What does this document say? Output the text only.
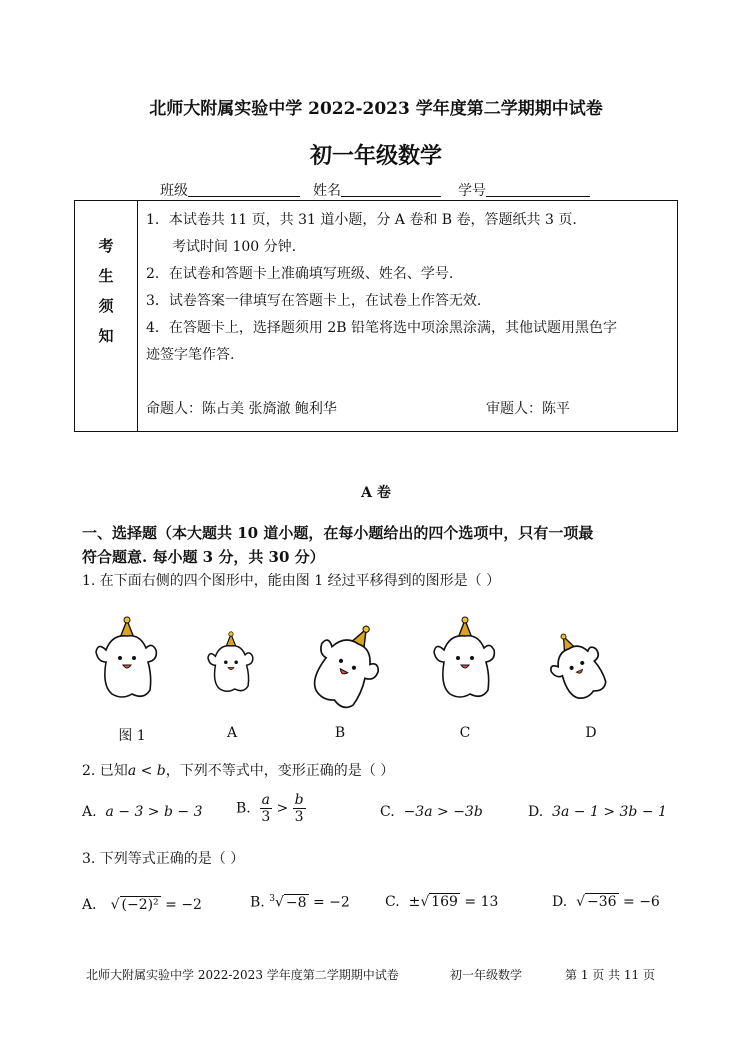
北师大附属实验中学 2022-2023 学年度第二学期期中试卷
初一年级数学
班级	姓名	学号
考
生
须
知

1．本试卷共 11 页，共 31 道小题，分 A 卷和 B 卷，答题纸共 3 页.
考试时间 100 分钟.
2．在试卷和答题卡上准确填写班级、姓名、学号.
3．试卷答案一律填写在答题卡上，在试卷上作答无效.
4．在答题卡上，选择题须用 2B 铅笔将选中项涂黑涂满，其他试题用黑色字
迹签字笔作答.
命题人：陈占美 张旖澈 鲍利华	审题人：陈平
A 卷
一、选择题（本大题共 10 道小题，在每小题给出的四个选项中，只有一项最
符合题意. 每小题 3 分，共 30 分）
1. 在下面右侧的四个图形中，能由图 1 经过平移得到的图形是（ ）
图 1	A	B	C	D
2. 已知a < b，下列不等式中，变形正确的是（ ）
A. a − 3 > b − 3 B. $\frac{a}{3} > \frac{b}{3}$	C. −3a > −3b	D. 3a − 1 > 3b − 1
3. 下列等式正确的是（ ）
A． √ (−2)² = −2	B. $^3$√ −8 = −2	C. ±√ 169 = 13	D.  √ −36 = −6
北师大附属实验中学 2022-2023 学年度第二学期期中试卷	初一年级数学	第 1 页 共 11 页
